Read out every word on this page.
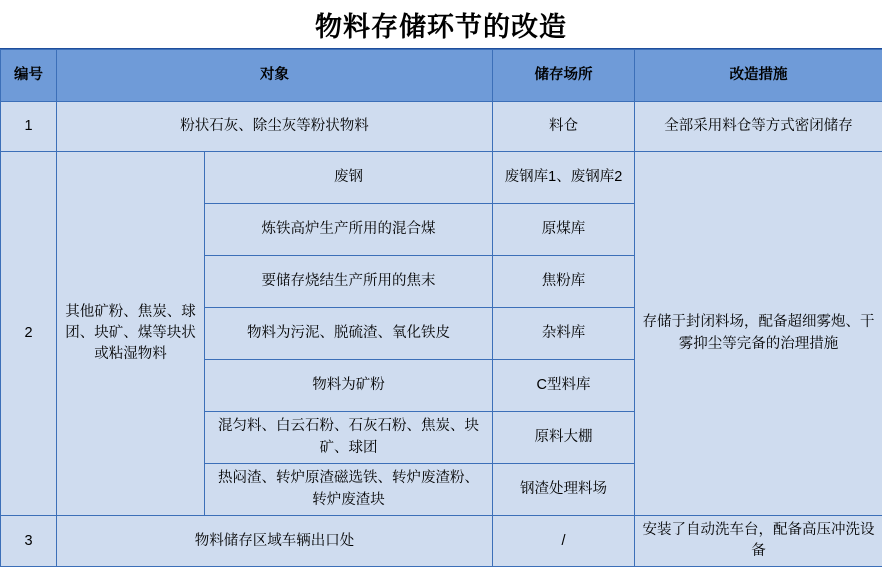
物料存储环节的改造
编号	对象		储存场所	改造措施
1	粉状石灰、除尘灰等粉状物料		料仓	全部采用料仓等方式密闭储存
2	其他矿粉、焦炭、球团、块矿、煤等块状或粘湿物料	废钢	废钢库1、废钢库2	存储于封闭料场，配备超细雾炮、干雾抑尘等完备的治理措施
		炼铁高炉生产所用的混合煤	原煤库	
		要储存烧结生产所用的焦末	焦粉库	
		物料为污泥、脱硫渣、氧化铁皮	杂料库	
		物料为矿粉	C型料库	
		混匀料、白云石粉、石灰石粉、焦炭、块矿、球团	原料大棚	
		热闷渣、转炉原渣磁选铁、转炉废渣粉、转炉废渣块	钢渣处理料场	
3	物料储存区域车辆出口处		/	安装了自动洗车台，配备高压冲洗设备
